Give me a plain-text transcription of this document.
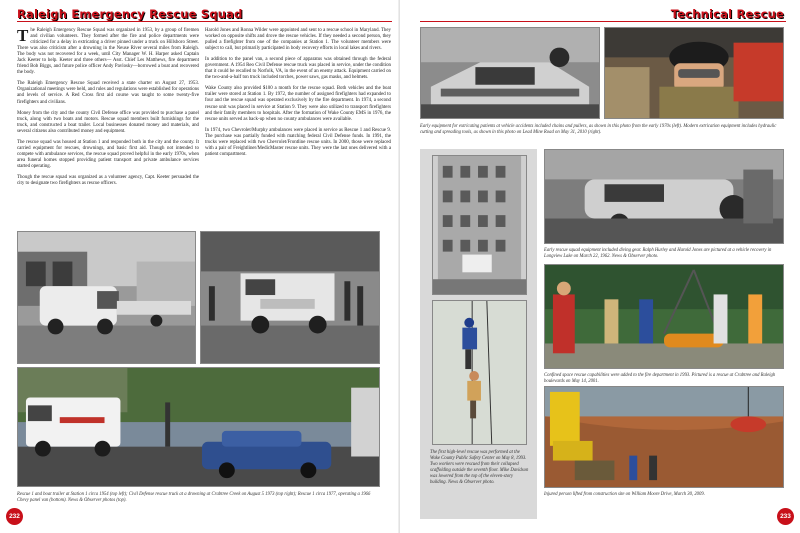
Raleigh Emergency Rescue Squad

The Raleigh Emergency Rescue Squad was organized in 1953, by a group of firemen and civilian volunteers. They formed after the fire and police departments were criticized for a delay in extricating a driver pinned under a truck on Hillsboro Street. There was also criticism after a drowning in the Neuse River several miles from Raleigh. The body was not recovered for a week, until City Manager W. H. Harper asked Captain Jack Keeter to help. Keeter and three others— Asst. Chief Les Matthews, fire department friend Bob Biggs, and future police officer Andy Pavlosky—borrowed a boat and recovered the body.

The Raleigh Emergency Rescue Squad received a state charter on August 27, 1953. Organizational meetings were held, and rules and regulations were established for operations and levels of service. A Red Cross first aid course was taught to some twenty-five firefighters and civilians.

Money from the city and the county Civil Defense office was provided to purchase a panel truck, along with two boats and motors. Rescue squad members built furnishings for the truck, and constructed a boat trailer. Local businesses donated money and materials, and several citizens also contributed money and equipment.

The rescue squad was housed at Station 1 and responded both in the city and the county. It carried equipment for rescues, drownings, and basic first aid. Though not intended to compete with ambulance services, the rescue squad proved helpful in the early 1970s, when area funeral homes stopped providing patient transport and private ambulance services started operating.

Though the rescue squad was organized as a volunteer agency, Capt. Keeter persuaded the city to designate two firefighters as rescue officers.

Harold Jones and Ronna Wilder were appointed and sent to a rescue school in Maryland. They worked on opposite shifts and drove the rescue vehicles. If they needed a second person, they pulled a firefighter from one of the companies at Station 1. The volunteer members were subject to call, but primarily participated in body recovery efforts in local lakes and rivers.

In addition to the panel van, a second piece of apparatus was obtained through the federal government. A 1954 Reo Civil Defense rescue truck was placed in service, under the condition that it could be recalled to Norfolk, VA, in the event of an enemy attack. Equipment carried on the two-and-a-half ton truck included torches, power saws, gas masks, and helmets.

Wake County also provided $100 a month for the rescue squad. Both vehicles and the boat trailer were stored at Station 1. By 1972, the number of assigned firefighters had expanded to four and the rescue squad was operated exclusively by the fire department. In 1974, a second rescue unit was placed in service at Station 9. They were also utilized to transport firefighters and their family members to hospitals. After the formation of Wake County EMS in 1976, the rescue units served as back-up when no county ambulances were available.

In 1974, two Chevrolet/Murphy ambulances were placed in service as Rescue 1 and Rescue 9. The purchase was partially funded with matching federal Civil Defense funds. In 1991, the trucks were replaced with two Chevrolet/Frontline rescue units. In 2000, those were replaced with a pair of Freightliner/MedicMaster rescue units. They were the last ones delivered with a patient compartment.

Rescue 1 and boat trailer at Station 1 circa 1954 (top left); Civil Defense rescue truck at a drowning at Crabtree Creek on August 5 1973 (top right); Rescue 1 circa 1977, operating a 1966 Chevy panel van (bottom). News & Observer photos (top).
232
Technical Rescue
Early equipment for extricating patients at vehicle accidents included chains and pullers, as shown in this photo from the early 1970s (left). Modern extrication equipment includes hydraulic cutting and spreading tools, as shown in this photo on Lead Mine Road on May 31, 2010 (right).
The first high-level rescue was performed at the Wake County Public Safety Center on May 8, 1993. Two workers were rescued from their collapsed scaffolding outside the seventh floor. Mike Davidson was lowered from the top of the eleven-story building. News & Observer photo.
Early rescue squad equipment included diving gear. Ralph Hurley and Harold Jones are pictured at a vehicle recovery in Longview Lake on March 22, 1962. News & Observer photo.
Confined space rescue capabilities were added to the fire department in 1993. Pictured is a rescue at Crabtree and Raleigh boulevards on May 14, 2001.
Injured person lifted from construction site on William Moore Drive, March 30, 2009.
233
